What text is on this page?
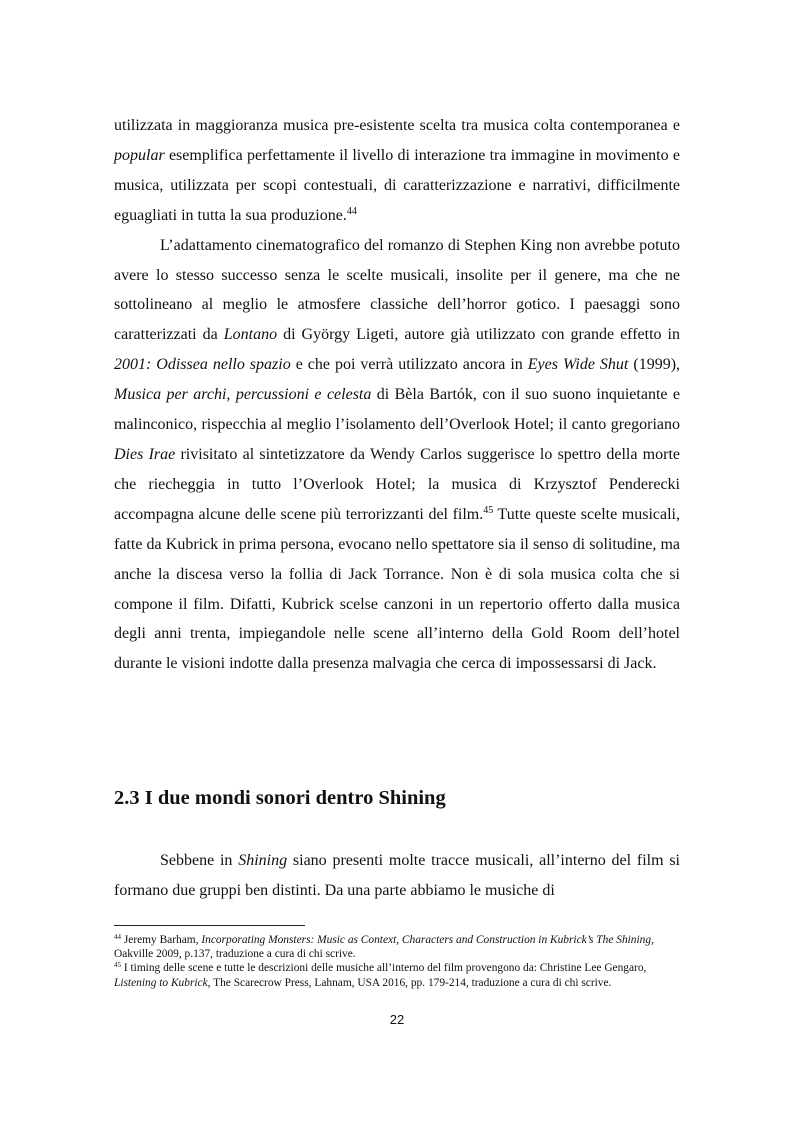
utilizzata in maggioranza musica pre-esistente scelta tra musica colta contemporanea e popular esemplifica perfettamente il livello di interazione tra immagine in movimento e musica, utilizzata per scopi contestuali, di caratterizzazione e narrativi, difficilmente eguagliati in tutta la sua produzione.$^{44}$

L’adattamento cinematografico del romanzo di Stephen King non avrebbe potuto avere lo stesso successo senza le scelte musicali, insolite per il genere, ma che ne sottolineano al meglio le atmosfere classiche dell’horror gotico. I paesaggi sono caratterizzati da Lontano di György Ligeti, autore già utilizzato con grande effetto in 2001: Odissea nello spazio e che poi verrà utilizzato ancora in Eyes Wide Shut (1999), Musica per archi, percussioni e celesta di Bèla Bartók, con il suo suono inquietante e malinconico, rispecchia al meglio l’isolamento dell’Overlook Hotel; il canto gregoriano Dies Irae rivisitato al sintetizzatore da Wendy Carlos suggerisce lo spettro della morte che riecheggia in tutto l’Overlook Hotel; la musica di Krzysztof Penderecki accompagna alcune delle scene più terrorizzanti del film.$^{45}$ Tutte queste scelte musicali, fatte da Kubrick in prima persona, evocano nello spettatore sia il senso di solitudine, ma anche la discesa verso la follia di Jack Torrance. Non è di sola musica colta che si compone il film. Difatti, Kubrick scelse canzoni in un repertorio offerto dalla musica degli anni trenta, impiegandole nelle scene all’interno della Gold Room dell’hotel durante le visioni indotte dalla presenza malvagia che cerca di impossessarsi di Jack.

2.3 I due mondi sonori dentro Shining

Sebbene in Shining siano presenti molte tracce musicali, all’interno del film si formano due gruppi ben distinti. Da una parte abbiamo le musiche di

$^{44}$ Jeremy Barham, Incorporating Monsters: Music as Context, Characters and Construction in Kubrick’s The Shining, Oakville 2009, p.137, traduzione a cura di chi scrive.

$^{45}$ I timing delle scene e tutte le descrizioni delle musiche all’interno del film provengono da: Christine Lee Gengaro, Listening to Kubrick, The Scarecrow Press, Lahnam, USA 2016, pp. 179-214, traduzione a cura di chi scrive.

22
